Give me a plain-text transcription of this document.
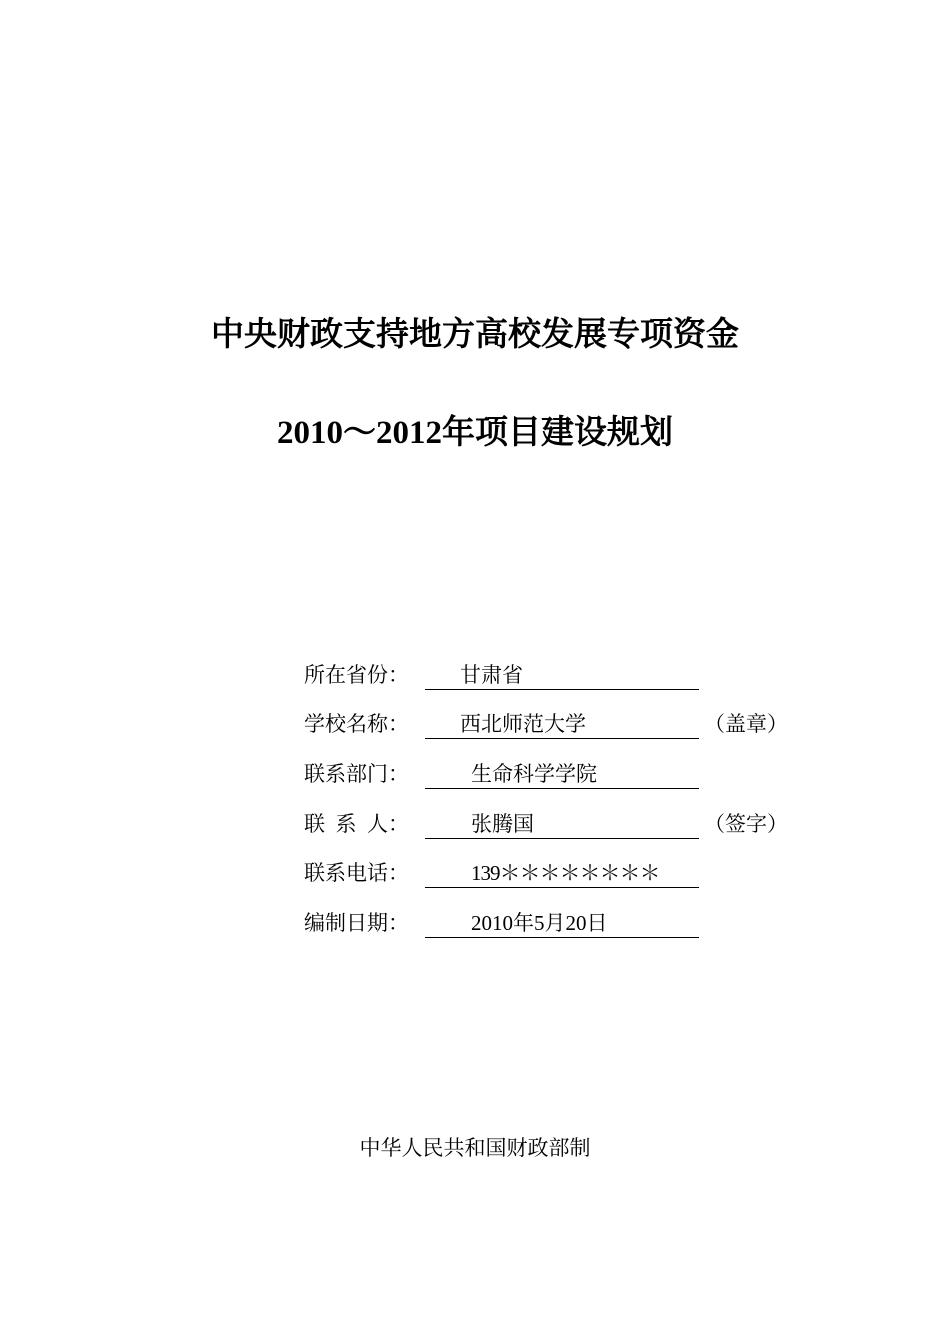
中央财政支持地方高校发展专项资金
2010～2012年项目建设规划
所在省份： 甘肃省
学校名称： 西北师范大学	（盖章）
联系部门：	生命科学学院
联  系  人：	张腾国	（签字）
联系电话：	139＊＊＊＊＊＊＊＊
编制日期：	2010年5月20日
中华人民共和国财政部制
